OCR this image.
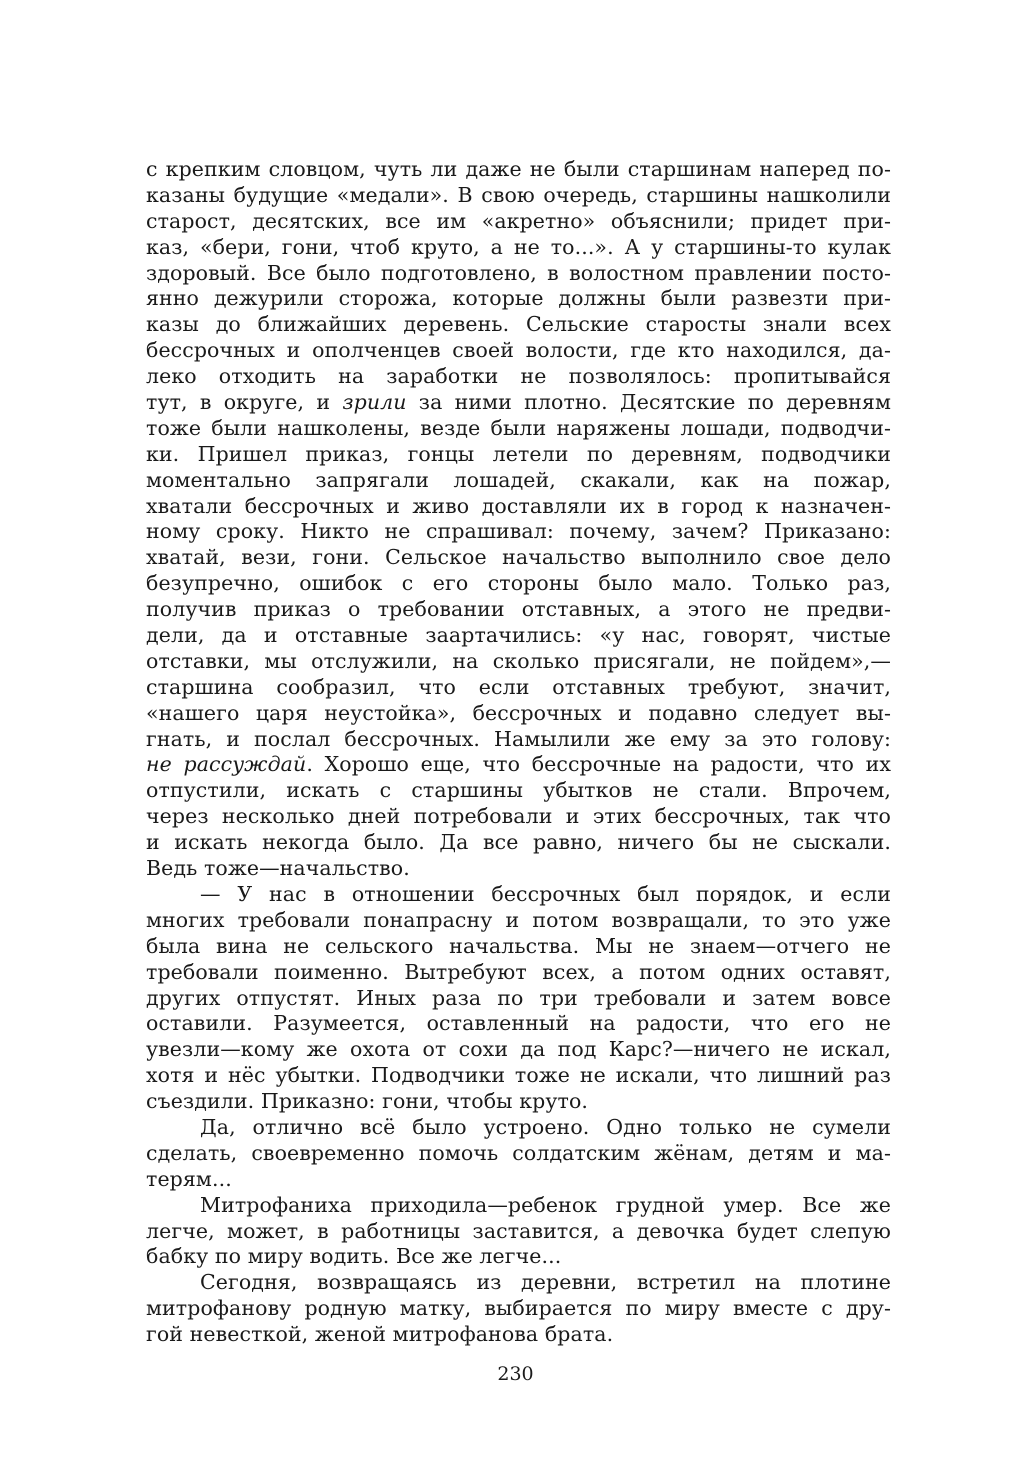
с крепким словцом, чуть ли даже не были старшинам наперед по-
казаны будущие «медали». В свою очередь, старшины нашколили
старост, десятских, все им «акретно» объяснили; придет при-
каз, «бери, гони, чтоб круто, а не то...». А у старшины-то кулак
здоровый. Все было подготовлено, в волостном правлении посто-
янно дежурили сторожа, которые должны были развезти при-
казы до ближайших деревень. Сельские старосты знали всех
бессрочных и ополченцев своей волости, где кто находился, да-
леко отходить на заработки не позволялось: пропитывайся
тут, в округе, и зрили за ними плотно. Десятские по деревням
тоже были нашколены, везде были наряжены лошади, подводчи-
ки. Пришел приказ, гонцы летели по деревням, подводчики
моментально запрягали лошадей, скакали, как на пожар,
хватали бессрочных и живо доставляли их в город к назначен-
ному сроку. Никто не спрашивал: почему, зачем? Приказано:
хватай, вези, гони. Сельское начальство выполнило свое дело
безупречно, ошибок с его стороны было мало. Только раз,
получив приказ о требовании отставных, а этого не предви-
дели, да и отставные заартачились: «у нас, говорят, чистые
отставки, мы отслужили, на сколько присягали, не пойдем»,—
старшина сообразил, что если отставных требуют, значит,
«нашего царя неустойка», бессрочных и подавно следует вы-
гнать, и послал бессрочных. Намылили же ему за это голову:
не рассуждай. Хорошо еще, что бессрочные на радости, что их
отпустили, искать с старшины убытков не стали. Впрочем,
через несколько дней потребовали и этих бессрочных, так что
и искать некогда было. Да все равно, ничего бы не сыскали.
Ведь тоже—начальство.
— У нас в отношении бессрочных был порядок, и если
многих требовали понапрасну и потом возвращали, то это уже
была вина не сельского начальства. Мы не знаем—отчего не
требовали поименно. Вытребуют всех, а потом одних оставят,
других отпустят. Иных раза по три требовали и затем вовсе
оставили. Разумеется, оставленный на радости, что его не
увезли—кому же охота от сохи да под Карс?—ничего не искал,
хотя и нёс убытки. Подводчики тоже не искали, что лишний раз
съездили. Приказно: гони, чтобы круто.
Да, отлично всё было устроено. Одно только не сумели
сделать, своевременно помочь солдатским жёнам, детям и ма-
терям...
Митрофаниха приходила—ребенок грудной умер. Все же
легче, может, в работницы заставится, а девочка будет слепую
бабку по миру водить. Все же легче...
Сегодня, возвращаясь из деревни, встретил на плотине
митрофанову родную матку, выбирается по миру вместе с дру-
гой невесткой, женой митрофанова брата.
230
